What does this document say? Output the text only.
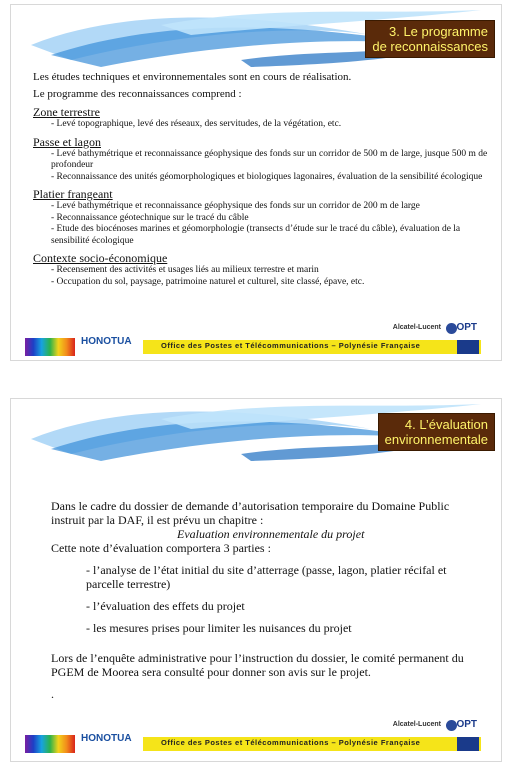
3. Le programme
de reconnaissances
Les études techniques et environnementales sont en cours de réalisation.
Le programme des reconnaissances comprend :
Zone terrestre
- Levé topographique, levé des réseaux, des servitudes, de la végétation, etc.
Passe et lagon
- Levé bathymétrique et reconnaissance géophysique des fonds sur un corridor de 500 m de large, jusque 500 m de profondeur
- Reconnaissance des unités géomorphologiques et biologiques lagonaires, évaluation de la sensibilité écologique
Platier frangeant
- Levé bathymétrique et reconnaissance géophysique des fonds sur un corridor de 200 m de large
- Reconnaissance géotechnique sur le tracé du câble
- Etude des biocénoses marines et géomorphologie (transects d’étude sur le tracé du câble), évaluation de la sensibilité écologique
Contexte socio-économique
- Recensement des activités et usages liés au milieux terrestre et marin
- Occupation du sol, paysage, patrimoine naturel et culturel, site classé, épave, etc.
HONOTUA	Office des Postes et Télécommunications – Polynésie Française
Alcatel-Lucent OPT
4. L’évaluation
environnementale

Dans le cadre du dossier de demande d’autorisation temporaire du Domaine Public instruit par la DAF, il est prévu un chapitre :

Evaluation environnementale du projet

Cette note d’évaluation comportera 3 parties :

- l’analyse de l’état initial du site d’atterrage (passe, lagon, platier récifal et parcelle terrestre)

- l’évaluation des effets du projet

- les mesures prises pour limiter les nuisances du projet

Lors de l’enquête administrative pour l’instruction du dossier, le comité permanent du PGEM de Moorea sera consulté pour donner son avis sur le projet.

.

HONOTUA	Office des Postes et Télécommunications – Polynésie Française
Alcatel-Lucent OPT
